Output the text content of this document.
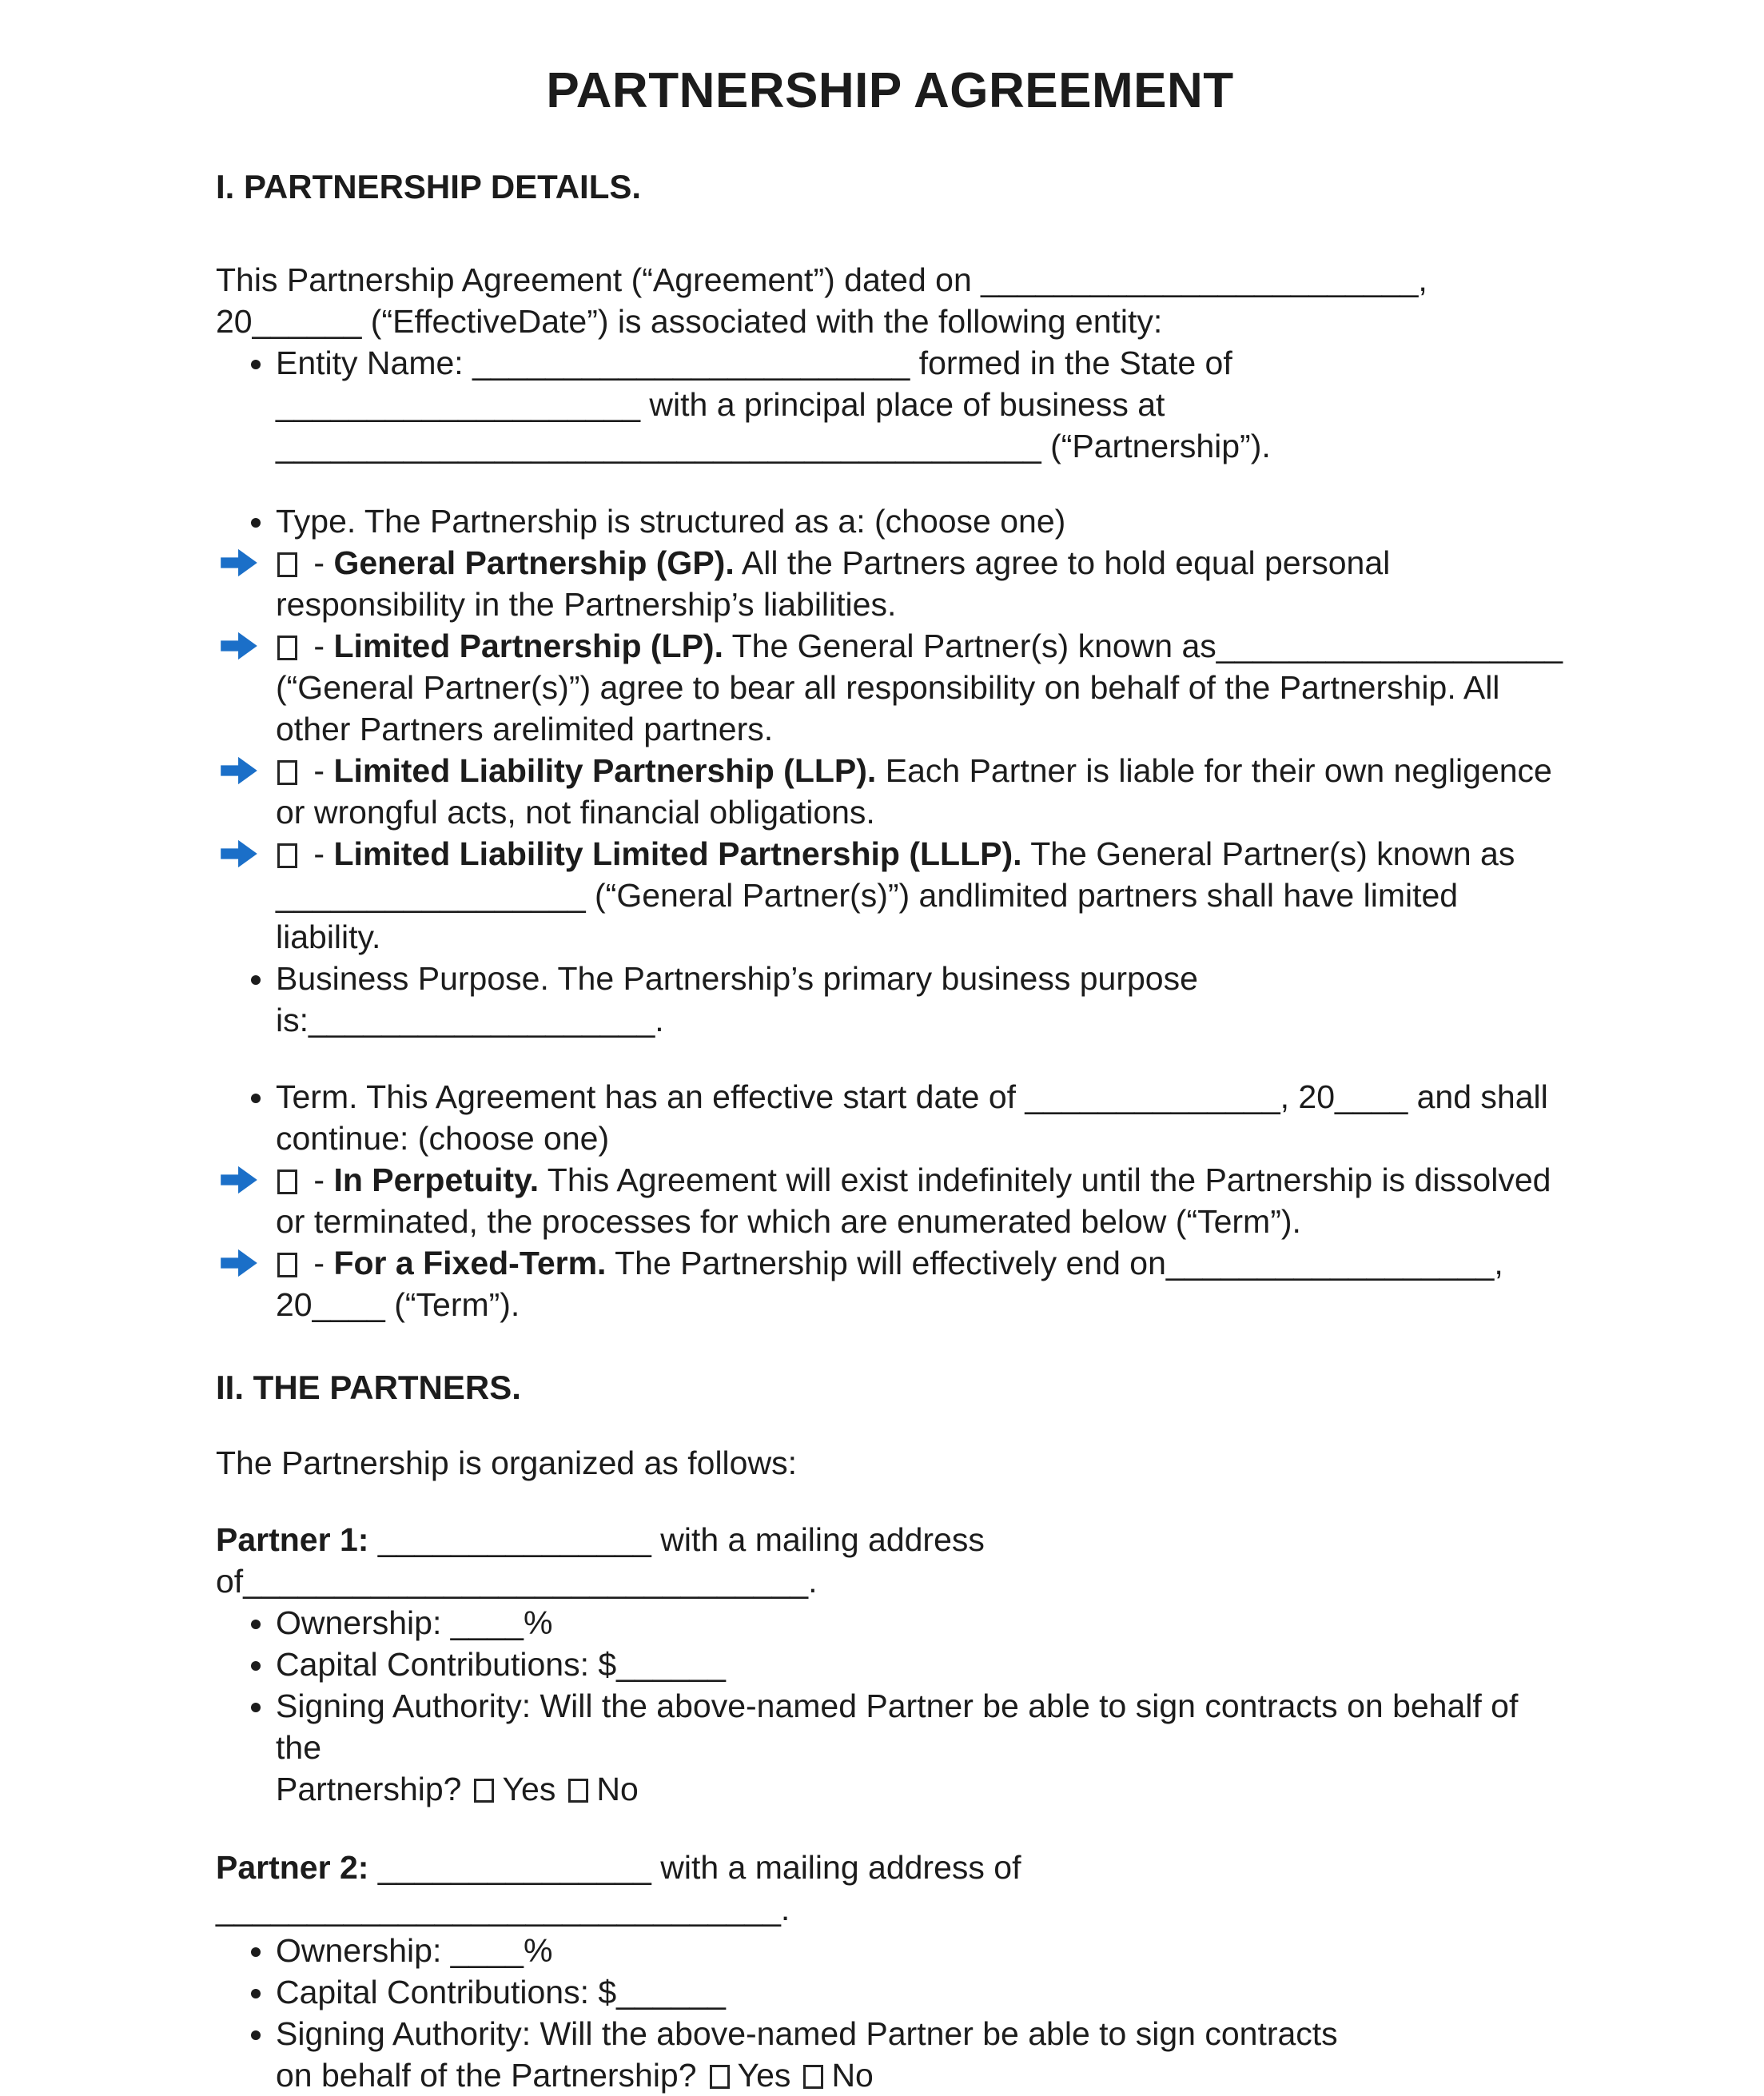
PARTNERSHIP AGREEMENT
I. PARTNERSHIP DETAILS.

This Partnership Agreement (“Agreement”) dated on ________________________, 20______ (“EffectiveDate”) is associated with the following entity:

• Entity Name: ________________________ formed in the State of ____________________ with a principal place of business at __________________________________________ (“Partnership”).
• Type. The Partnership is structured as a: (choose one)
- General Partnership (GP). All the Partners agree to hold equal personal responsibility in the Partnership’s liabilities.
- Limited Partnership (LP). The General Partner(s) known as___________________ (“General Partner(s)”) agree to bear all responsibility on behalf of the Partnership. All other Partners arelimited partners.
- Limited Liability Partnership (LLP). Each Partner is liable for their own negligence or wrongful acts, not financial obligations.
- Limited Liability Limited Partnership (LLLP). The General Partner(s) known as _________________ (“General Partner(s)”) andlimited partners shall have limited liability.
• Business Purpose. The Partnership’s primary business purpose is:___________________.
• Term. This Agreement has an effective start date of ______________, 20____ and shall continue: (choose one)
- In Perpetuity. This Agreement will exist indefinitely until the Partnership is dissolved or terminated, the processes for which are enumerated below (“Term”).
- For a Fixed-Term. The Partnership will effectively end on__________________, 20____ (“Term”).
II. THE PARTNERS.

The Partnership is organized as follows:

Partner 1: _______________ with a mailing address of_______________________________.

• Ownership: ____%
• Capital Contributions: $______
• Signing Authority: Will the above-named Partner be able to sign contracts on behalf of the
Partnership? Yes No

Partner 2: _______________ with a mailing address of _______________________________.

• Ownership: ____%
• Capital Contributions: $______
• Signing Authority: Will the above-named Partner be able to sign contracts
on behalf of the Partnership? Yes No
